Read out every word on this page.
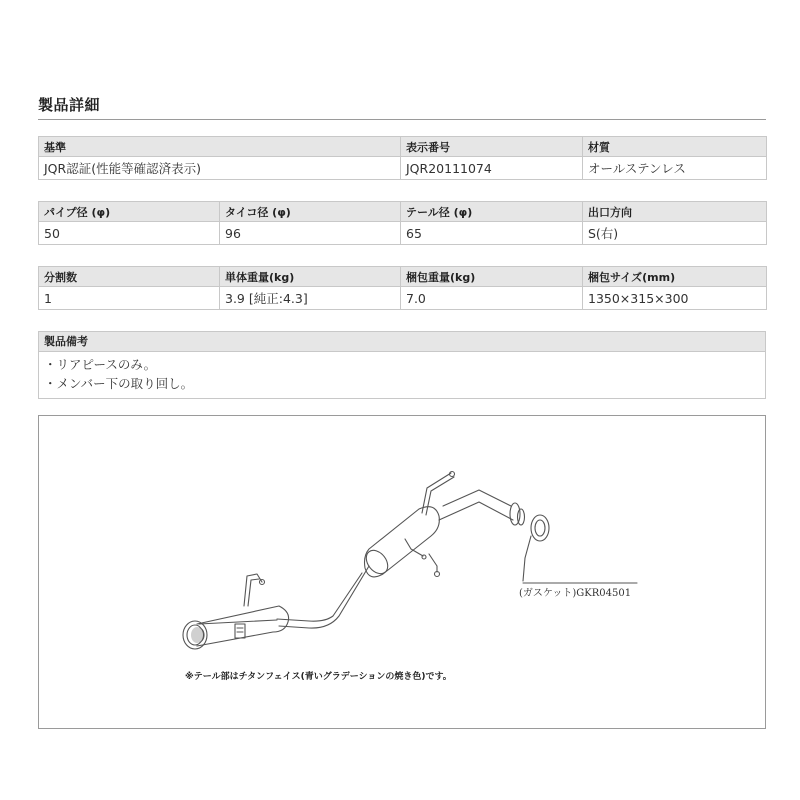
製品詳細
基準	表示番号	材質
JQR認証(性能等確認済表示)	JQR20111074	オールステンレス
パイプ径 (φ)	タイコ径 (φ)	テール径 (φ)	出口方向
50	96	65	S(右)
分割数	単体重量(kg)	梱包重量(kg)	梱包サイズ(mm)
1	3.9 [純正:4.3]	7.0	1350×315×300
製品備考
・リアピースのみ。
・メンバー下の取り回し。
(ガスケット)GKR04501
※テール部はチタンフェイス(青いグラデーションの焼き色)です。
